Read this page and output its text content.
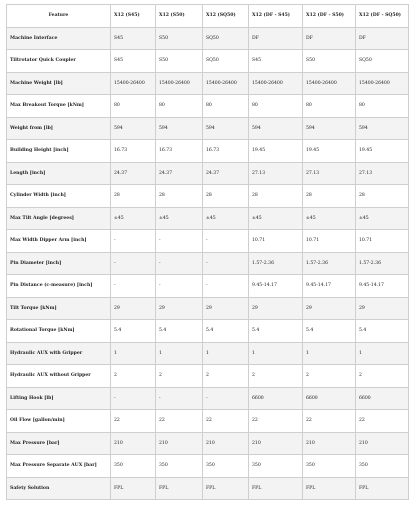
Feature	X12 (S45)	X12 (S50)	X12 (SQ50)	X12 (DF - S45)	X12 (DF - S50)	X12 (DF - SQ50)
Machine Interface	S45	S50	SQ50	DF	DF	DF
Tiltrotator Quick Coupler	S45	S50	SQ50	S45	S50	SQ50
Machine Weight [lb]	15400-26400	15400-26400	15400-26400	15400-26400	15400-26400	15400-26400
Max Breakout Torque [kNm]	80	80	80	80	80	80
Weight from [lb]	594	594	594	594	594	594
Building Height [inch]	16.73	16.73	16.73	19.45	19.45	19.45
Length [inch]	24.37	24.37	24.37	27.13	27.13	27.13
Cylinder Width [inch]	28	28	28	28	28	28
Max Tilt Angle [degrees]	±45	±45	±45	±45	±45	±45
Max Width Dipper Arm [inch]	-	-	-	10.71	10.71	10.71
Pin Diameter [inch]	-	-	-	1.57-2.36	1.57-2.36	1.57-2.36
Pin Distance (c-measure) [inch]	-	-	-	9.45-14.17	9.45-14.17	9.45-14.17
Tilt Torque [kNm]	29	29	29	29	29	29
Rotational Torque [kNm]	5.4	5.4	5.4	5.4	5.4	5.4
Hydraulic AUX with Gripper	1	1	1	1	1	1
Hydraulic AUX without Gripper	2	2	2	2	2	2
Lifting Hook [lb]	-	-	-	6600	6600	6600
Oil Flow [gallon/min]	22	22	22	22	22	22
Max Pressure [bar]	210	210	210	210	210	210
Max Pressure Separate AUX [bar]	350	350	350	350	350	350
Safety Solution	FPL	FPL	FPL	FPL	FPL	FPL
